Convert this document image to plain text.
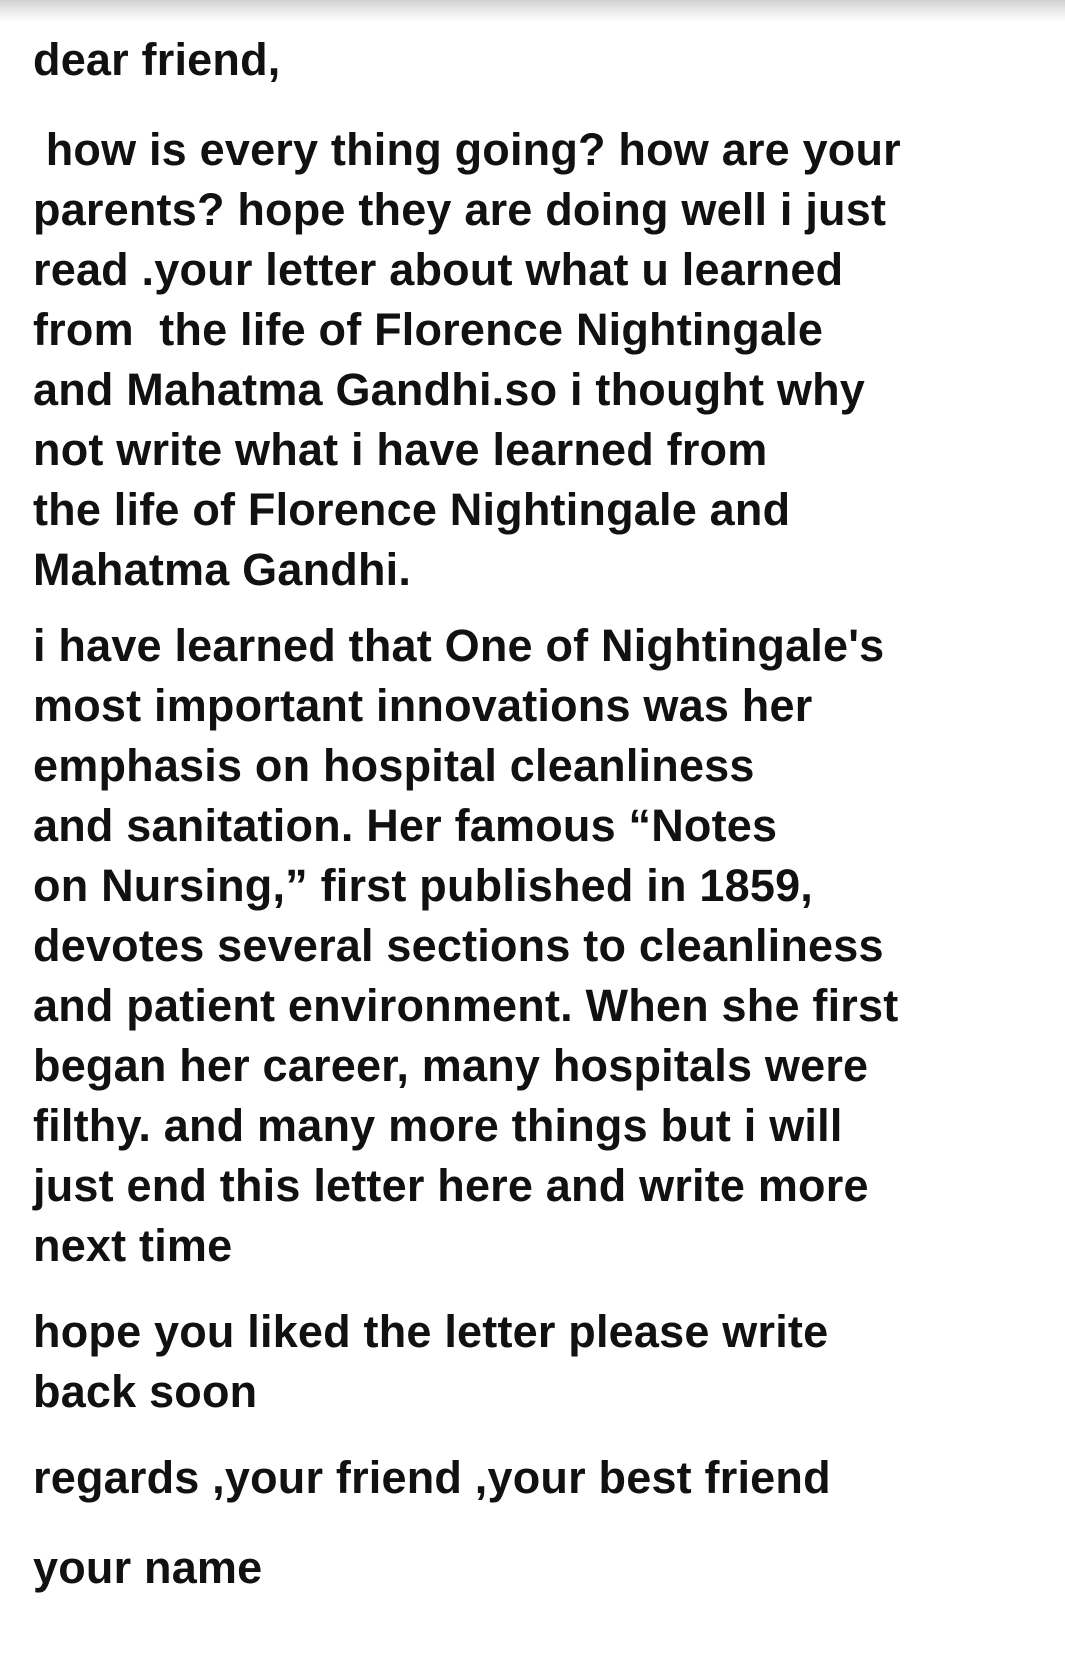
dear friend,

how is every thing going? how are your
parents? hope they are doing well i just
read .your letter about what u learned
from  the life of Florence Nightingale
and Mahatma Gandhi.so i thought why
not write what i have learned from
the life of Florence Nightingale and
Mahatma Gandhi.

i have learned that One of Nightingale's
most important innovations was her
emphasis on hospital cleanliness
and sanitation. Her famous “Notes
on Nursing,” first published in 1859,
devotes several sections to cleanliness
and patient environment. When she first
began her career, many hospitals were
filthy. and many more things but i will
just end this letter here and write more
next time

hope you liked the letter please write
back soon

regards ,your friend ,your best friend

your name
